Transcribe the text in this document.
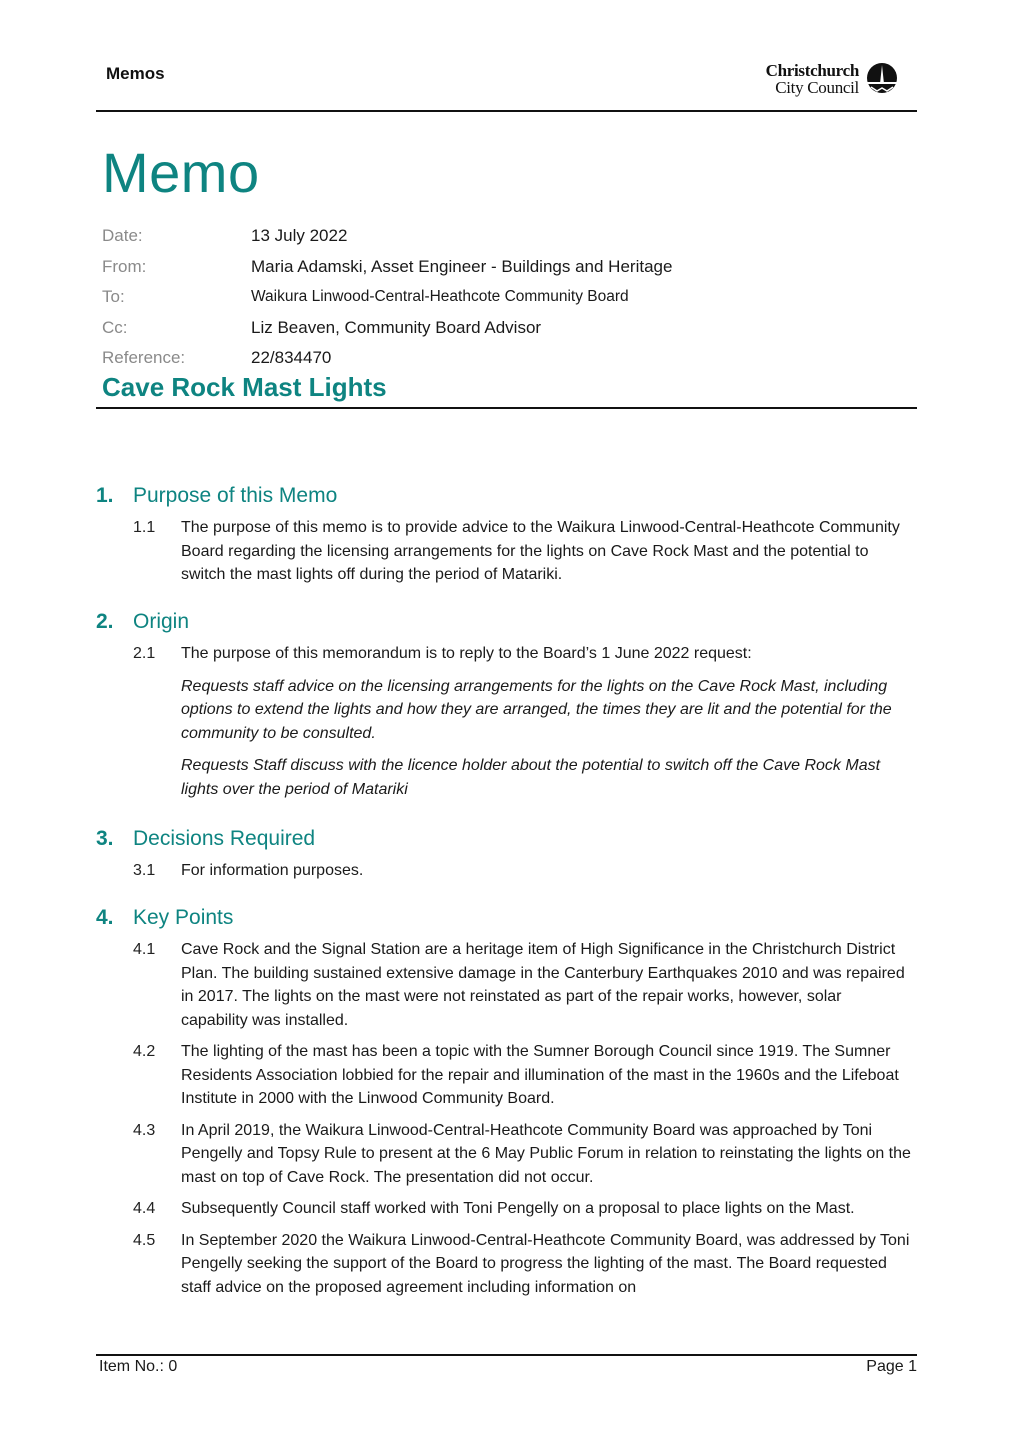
Memos	Christchurch
City Council
Memo
Date:	13 July 2022
From:	Maria Adamski, Asset Engineer - Buildings and Heritage
To:	Waikura Linwood-Central-Heathcote Community Board
Cc:	Liz Beaven, Community Board Advisor
Reference:	22/834470
Cave Rock Mast Lights
1. Purpose of this Memo
1.1	The purpose of this memo is to provide advice to the Waikura Linwood-Central-Heathcote Community Board regarding the licensing arrangements for the lights on Cave Rock Mast and the potential to switch the mast lights off during the period of Matariki.
2. Origin
2.1	The purpose of this memorandum is to reply to the Board’s 1 June 2022 request:
Requests staff advice on the licensing arrangements for the lights on the Cave Rock Mast, including options to extend the lights and how they are arranged, the times they are lit and the potential for the community to be consulted.
Requests Staff discuss with the licence holder about the potential to switch off the Cave Rock Mast lights over the period of Matariki
3. Decisions Required
3.1	For information purposes.
4. Key Points
4.1	Cave Rock and the Signal Station are a heritage item of High Significance in the Christchurch District Plan. The building sustained extensive damage in the Canterbury Earthquakes 2010 and was repaired in 2017. The lights on the mast were not reinstated as part of the repair works, however, solar capability was installed.
4.2	The lighting of the mast has been a topic with the Sumner Borough Council since 1919. The Sumner Residents Association lobbied for the repair and illumination of the mast in the 1960s and the Lifeboat Institute in 2000 with the Linwood Community Board.
4.3	In April 2019, the Waikura Linwood-Central-Heathcote Community Board was approached by Toni Pengelly and Topsy Rule to present at the 6 May Public Forum in relation to reinstating the lights on the mast on top of Cave Rock. The presentation did not occur.
4.4	Subsequently Council staff worked with Toni Pengelly on a proposal to place lights on the Mast.
4.5	In September 2020 the Waikura Linwood-Central-Heathcote Community Board, was addressed by Toni Pengelly seeking the support of the Board to progress the lighting of the mast. The Board requested staff advice on the proposed agreement including information on
Item No.: 0	Page 1
